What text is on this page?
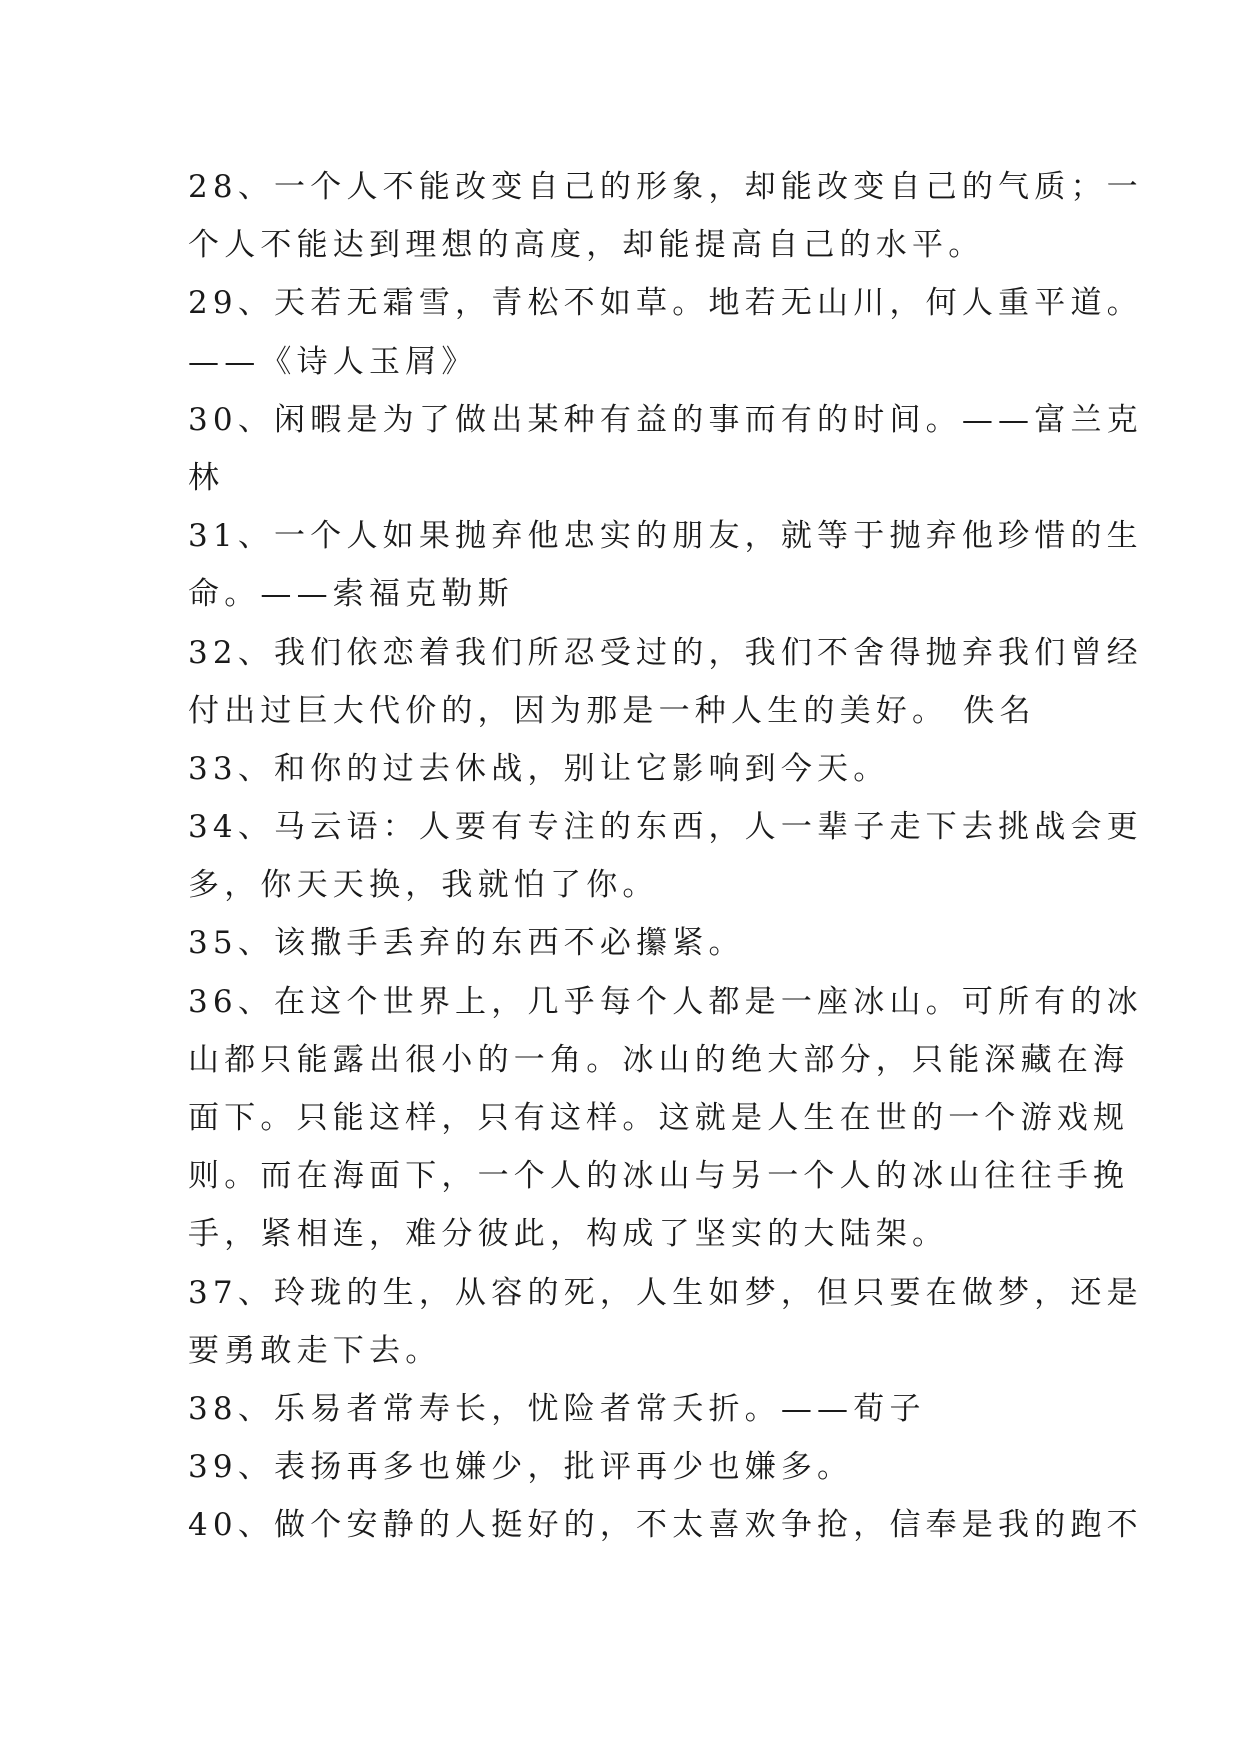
28、一个人不能改变自己的形象，却能改变自己的气质；一
个人不能达到理想的高度，却能提高自己的水平。
29、天若无霜雪，青松不如草。地若无山川，何人重平道。
——《诗人玉屑》
30、闲暇是为了做出某种有益的事而有的时间。——富兰克
林
31、一个人如果抛弃他忠实的朋友，就等于抛弃他珍惜的生
命。——索福克勒斯
32、我们依恋着我们所忍受过的，我们不舍得抛弃我们曾经
付出过巨大代价的，因为那是一种人生的美好。 佚名
33、和你的过去休战，别让它影响到今天。
34、马云语：人要有专注的东西，人一辈子走下去挑战会更
多，你天天换，我就怕了你。
35、该撒手丢弃的东西不必攥紧。
36、在这个世界上，几乎每个人都是一座冰山。可所有的冰
山都只能露出很小的一角。冰山的绝大部分，只能深藏在海
面下。只能这样，只有这样。这就是人生在世的一个游戏规
则。而在海面下，一个人的冰山与另一个人的冰山往往手挽
手，紧相连，难分彼此，构成了坚实的大陆架。
37、玲珑的生，从容的死，人生如梦，但只要在做梦，还是
要勇敢走下去。
38、乐易者常寿长，忧险者常夭折。——荀子
39、表扬再多也嫌少，批评再少也嫌多。
40、做个安静的人挺好的，不太喜欢争抢，信奉是我的跑不
